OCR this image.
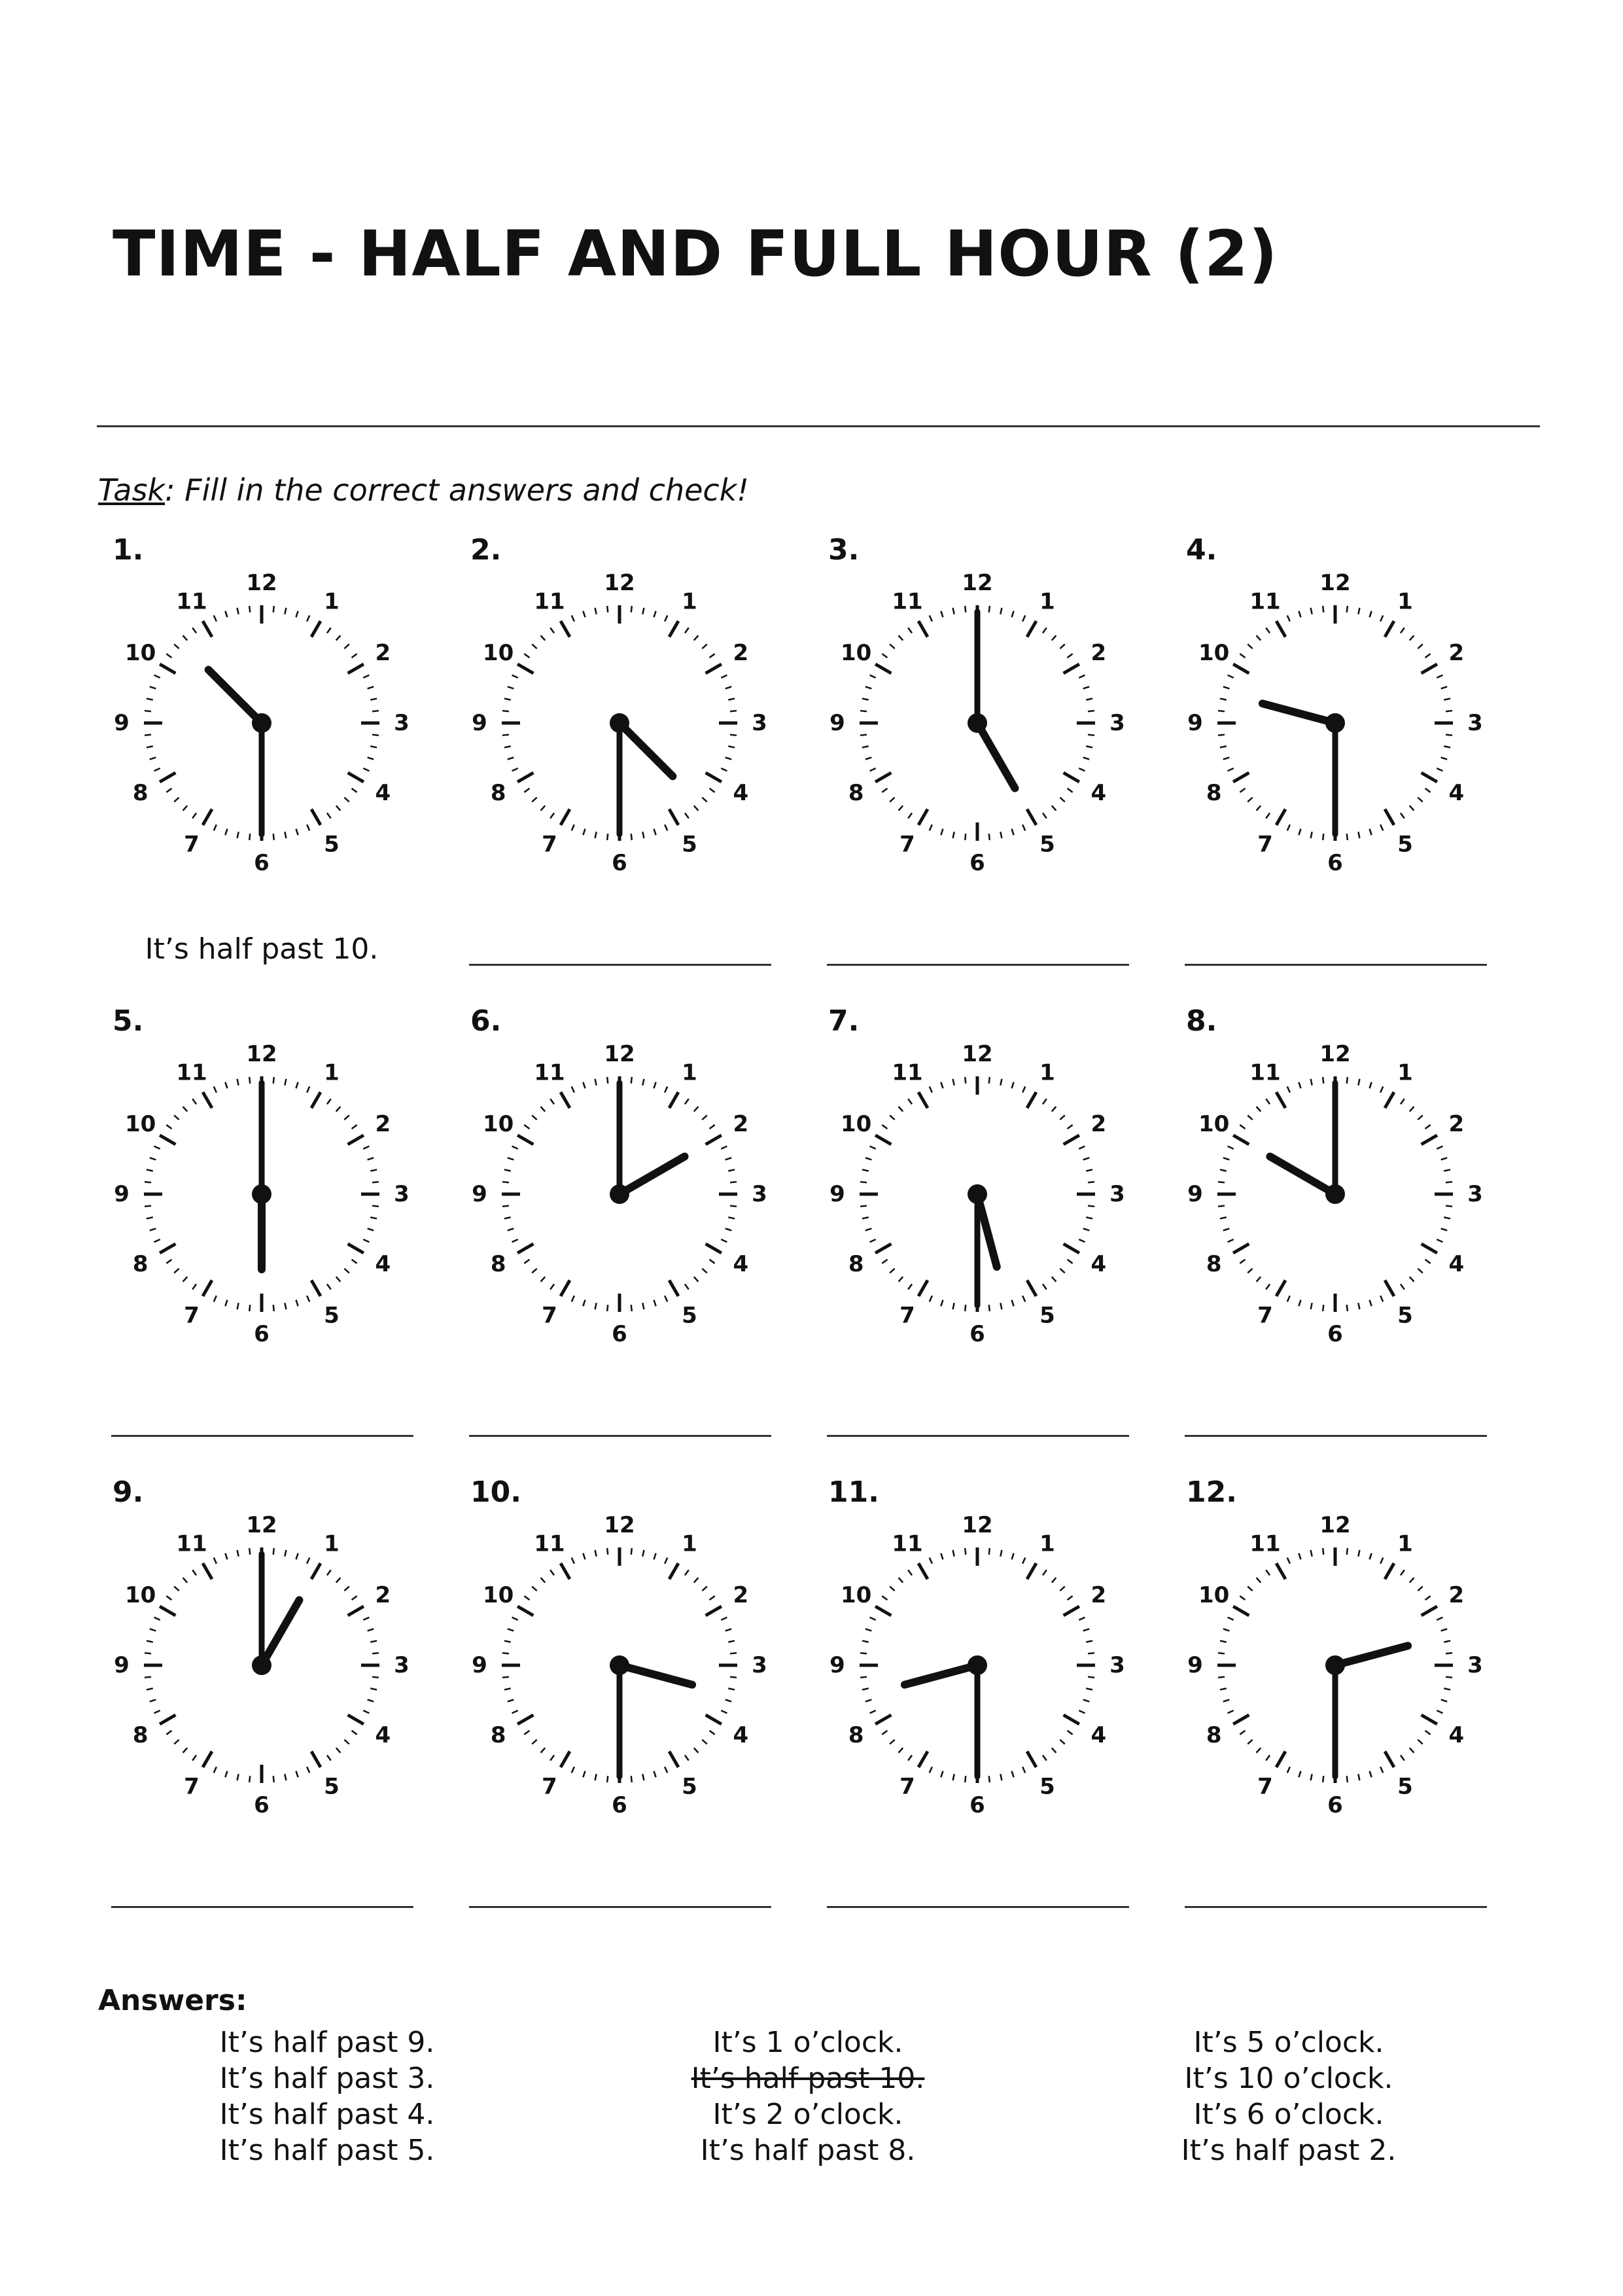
TIME - HALF AND FULL HOUR (2)
Task: Fill in the correct answers and check!
1.
12
1
2
3
4
5
6
7
8
9
10
11
It’s half past 10.
2.
12
1
2
3
4
5
6
7
8
9
10
11
3.
12
1
2
3
4
5
6
7
8
9
10
11
4.
12
1
2
3
4
5
6
7
8
9
10
11
5.
12
1
2
3
4
5
6
7
8
9
10
11
6.
12
1
2
3
4
5
6
7
8
9
10
11
7.
12
1
2
3
4
5
6
7
8
9
10
11
8.
12
1
2
3
4
5
6
7
8
9
10
11
9.
12
1
2
3
4
5
6
7
8
9
10
11
10.
12
1
2
3
4
5
6
7
8
9
10
11
11.
12
1
2
3
4
5
6
7
8
9
10
11
12.
12
1
2
3
4
5
6
7
8
9
10
11
Answers:
It’s half past 9.
It’s half past 3.
It’s half past 4.
It’s half past 5.
It’s 1 o’clock.
It’s half past 10.
It’s 2 o’clock.
It’s half past 8.
It’s 5 o’clock.
It’s 10 o’clock.
It’s 6 o’clock.
It’s half past 2.
